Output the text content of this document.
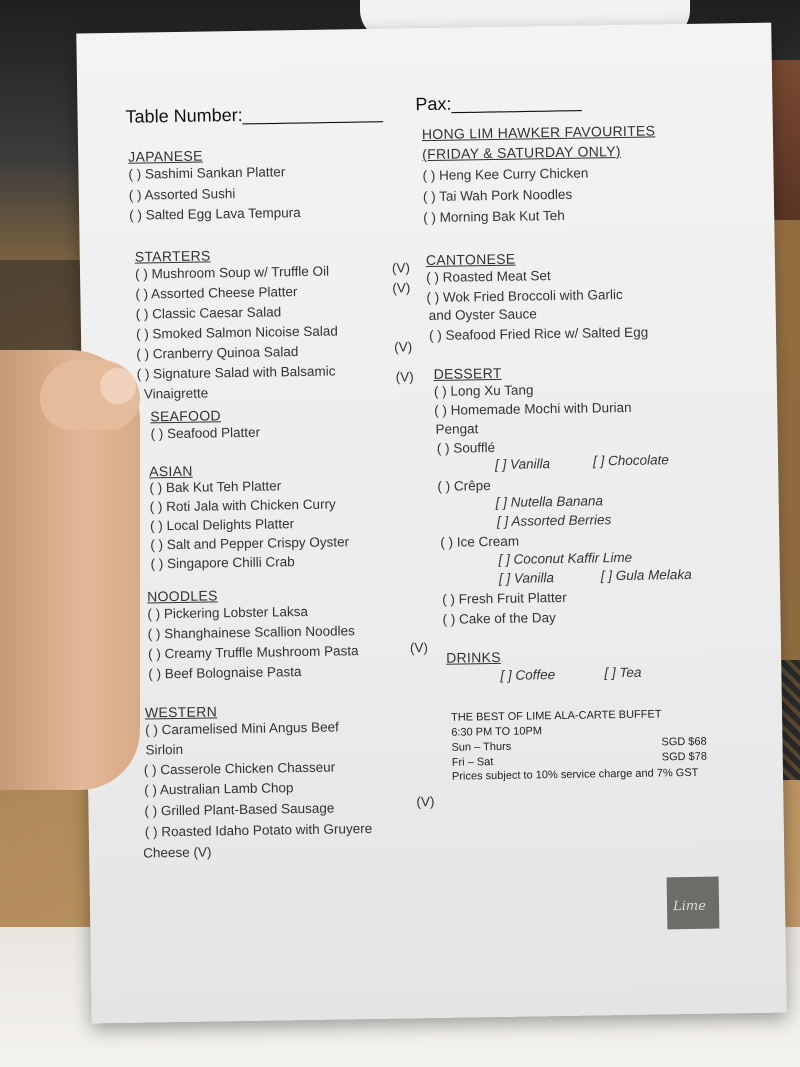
Table Number:______________ Pax:_____________
JAPANESE
( ) Sashimi Sankan Platter
( ) Assorted Sushi
( ) Salted Egg Lava Tempura
STARTERS
( ) Mushroom Soup w/ Truffle Oil
( ) Assorted Cheese Platter
( ) Classic Caesar Salad
( ) Smoked Salmon Nicoise Salad
( ) Cranberry Quinoa Salad
( ) Signature Salad with Balsamic
Vinaigrette
(V)
(V)
(V)
(V)
SEAFOOD
( ) Seafood Platter
ASIAN
( ) Bak Kut Teh Platter
( ) Roti Jala with Chicken Curry
( ) Local Delights Platter
( ) Salt and Pepper Crispy Oyster
( ) Singapore Chilli Crab
NOODLES
( ) Pickering Lobster Laksa
( ) Shanghainese Scallion Noodles
( ) Creamy Truffle Mushroom Pasta
( ) Beef Bolognaise Pasta
(V)
WESTERN
( ) Caramelised Mini Angus Beef
Sirloin
( ) Casserole Chicken Chasseur
( ) Australian Lamb Chop
( ) Grilled Plant-Based Sausage
( ) Roasted Idaho Potato with Gruyere
Cheese (V)
(V)
HONG LIM HAWKER FAVOURITES
(FRIDAY & SATURDAY ONLY)
( ) Heng Kee Curry Chicken
( ) Tai Wah Pork Noodles
( ) Morning Bak Kut Teh
CANTONESE
( ) Roasted Meat Set
( ) Wok Fried Broccoli with Garlic
and Oyster Sauce
( ) Seafood Fried Rice w/ Salted Egg
DESSERT
( ) Long Xu Tang
( ) Homemade Mochi with Durian
Pengat
( ) Soufflé
[ ] Vanilla	[ ] Chocolate
( ) Crêpe
[ ] Nutella Banana
[ ] Assorted Berries
( ) Ice Cream
[ ] Coconut Kaffir Lime
[ ] Vanilla	[ ] Gula Melaka
( ) Fresh Fruit Platter
( ) Cake of the Day
DRINKS
[ ] Coffee	[ ] Tea
THE BEST OF LIME ALA-CARTE BUFFET
6:30 PM TO 10PM
Sun – Thurs	SGD $68
Fri – Sat	SGD $78
Prices subject to 10% service charge and 7% GST
Lime
